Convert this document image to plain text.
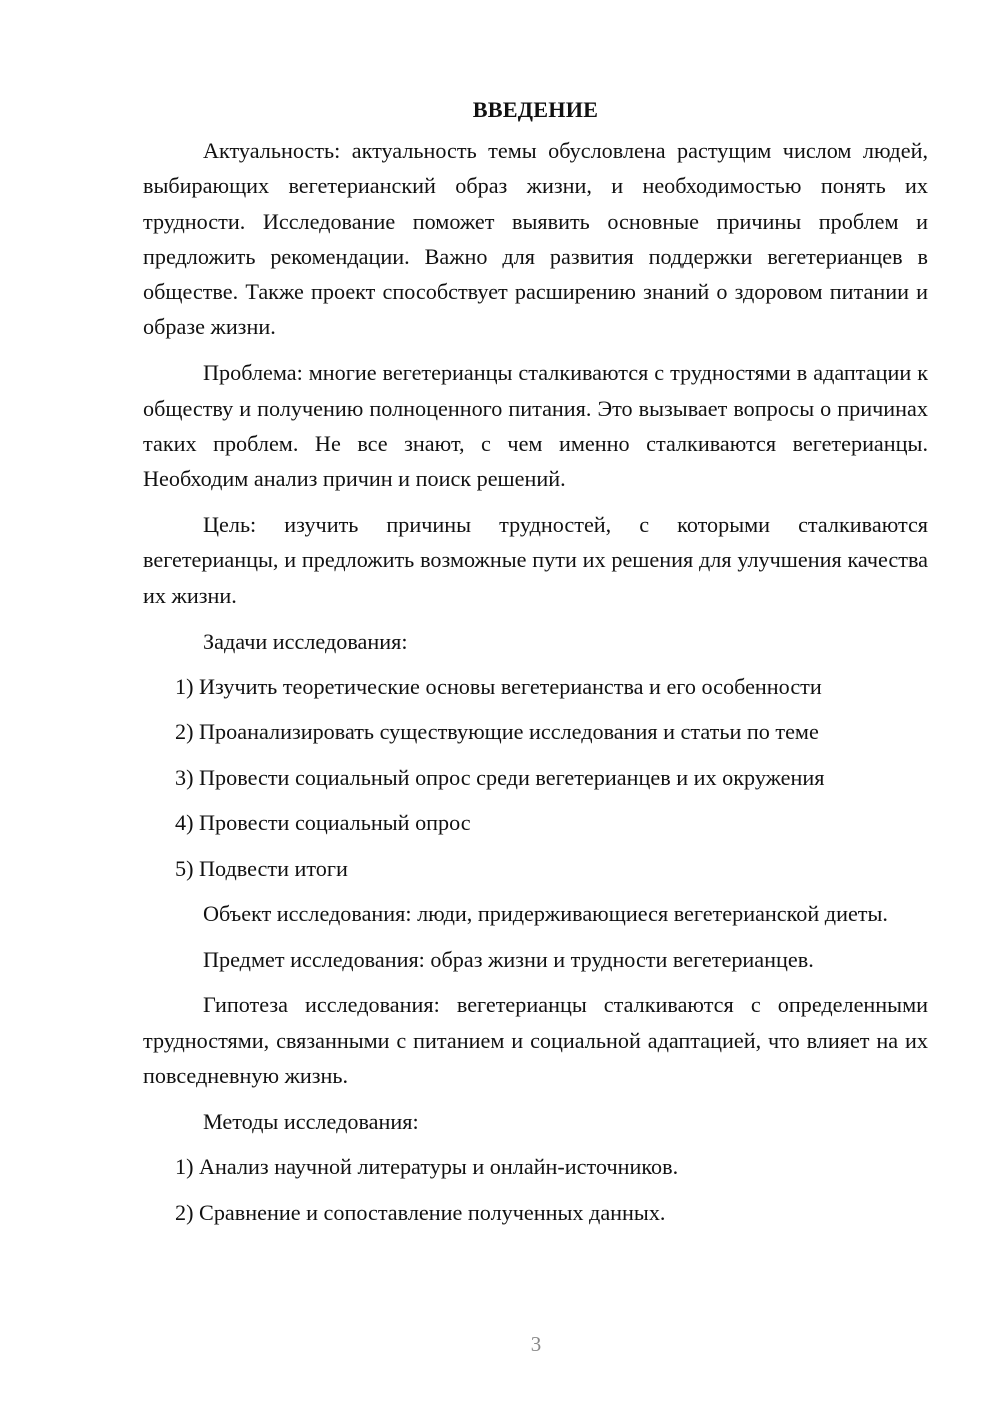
ВВЕДЕНИЕ

Актуальность: актуальность темы обусловлена растущим числом людей, выбирающих вегетерианский образ жизни, и необходимостью понять их трудности. Исследование поможет выявить основные причины проблем и предложить рекомендации. Важно для развития поддержки вегетерианцев в обществе. Также проект способствует расширению знаний о здоровом питании и образе жизни.

Проблема: многие вегетерианцы сталкиваются с трудностями в адаптации к обществу и получению полноценного питания. Это вызывает вопросы о причинах таких проблем. Не все знают, с чем именно сталкиваются вегетерианцы. Необходим анализ причин и поиск решений.

Цель: изучить причины трудностей, с которыми сталкиваются вегетерианцы, и предложить возможные пути их решения для улучшения качества их жизни.

Задачи исследования:

1) Изучить теоретические основы вегетерианства и его особенности

2) Проанализировать существующие исследования и статьи по теме

3) Провести социальный опрос среди вегетерианцев и их окружения

4) Провести социальный опрос

5) Подвести итоги

Объект исследования: люди, придерживающиеся вегетерианской диеты.

Предмет исследования: образ жизни и трудности вегетерианцев.

Гипотеза исследования: вегетерианцы сталкиваются с определенными трудностями, связанными с питанием и социальной адаптацией, что влияет на их повседневную жизнь.

Методы исследования:

1) Анализ научной литературы и онлайн-источников.

2) Сравнение и сопоставление полученных данных.

3
